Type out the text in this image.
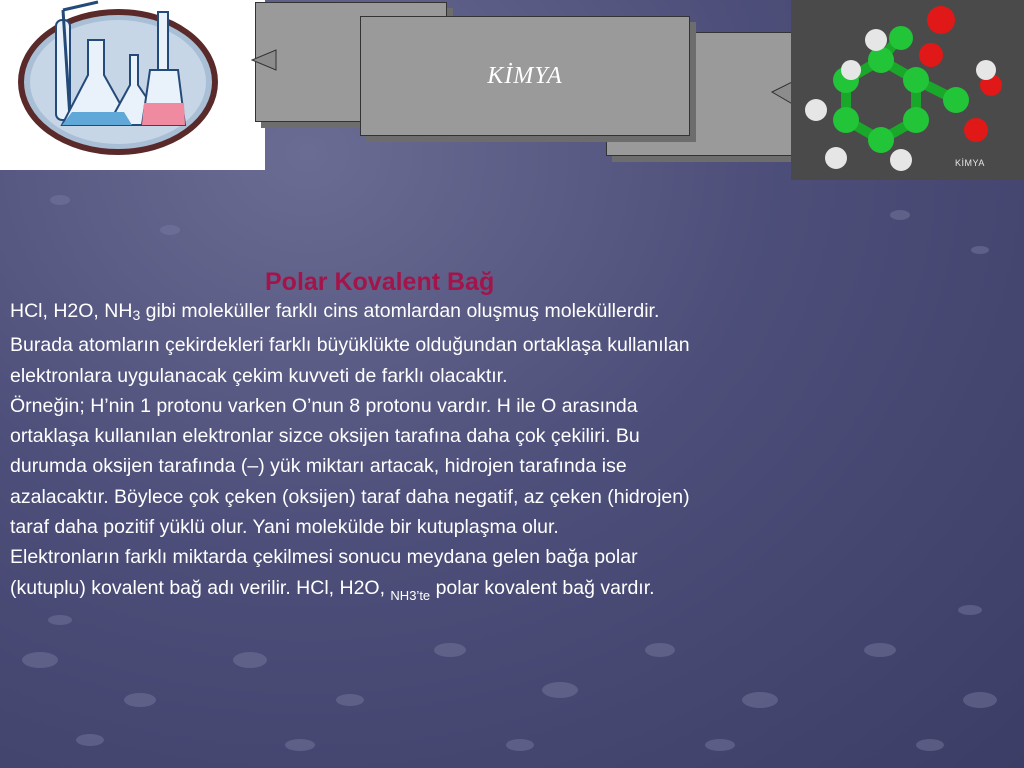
KİMYA
KİMYA
Polar Kovalent Bağ
HCl, H2O, $NH_3$ gibi moleküller farklı cins atomlardan oluşmuş moleküllerdir.
Burada atomların çekirdekleri farklı büyüklükte olduğundan ortaklaşa kullanılan
elektronlara uygulanacak çekim kuvveti de farklı olacaktır.
Örneğin; H’nin 1 protonu varken O’nun 8 protonu vardır. H ile O arasında
ortaklaşa kullanılan elektronlar sizce oksijen tarafına daha çok çekiliri. Bu
durumda oksijen tarafında (–) yük miktarı artacak, hidrojen tarafında ise
azalacaktır. Böylece çok çeken (oksijen) taraf daha negatif, az çeken (hidrojen)
taraf daha pozitif yüklü olur. Yani molekülde bir kutuplaşma olur.
Elektronların farklı miktarda çekilmesi sonucu meydana gelen bağa polar
(kutuplu) kovalent bağ adı verilir. HCl, H2O, $_{NH3’te}$ polar kovalent bağ vardır.
